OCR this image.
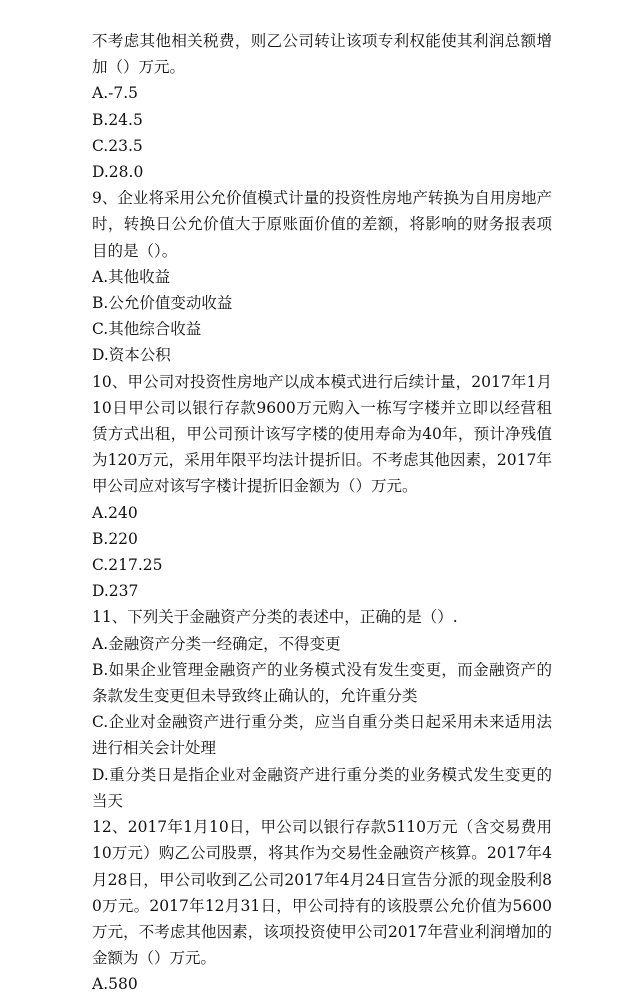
不考虑其他相关税费，则乙公司转让该项专利权能使其利润总额增加（）万元。

A.-7.5

B.24.5

C.23.5

D.28.0

9、企业将采用公允价值模式计量的投资性房地产转换为自用房地产时，转换日公允价值大于原账面价值的差额，将影响的财务报表项目的是（）。

A.其他收益

B.公允价值变动收益

C.其他综合收益

D.资本公积

10、甲公司对投资性房地产以成本模式进行后续计量，2017年1月10日甲公司以银行存款9600万元购入一栋写字楼并立即以经营租赁方式出租，甲公司预计该写字楼的使用寿命为40年，预计净残值为120万元，采用年限平均法计提折旧。不考虑其他因素，2017年甲公司应对该写字楼计提折旧金额为（）万元。

A.240

B.220

C.217.25

D.237

11、下列关于金融资产分类的表述中，正确的是（）.

A.金融资产分类一经确定，不得变更

B.如果企业管理金融资产的业务模式没有发生变更，而金融资产的条款发生变更但未导致终止确认的，允许重分类

C.企业对金融资产进行重分类，应当自重分类日起采用未来适用法进行相关会计处理

D.重分类日是指企业对金融资产进行重分类的业务模式发生变更的当天

12、2017年1月10日，甲公司以银行存款5110万元（含交易费用10万元）购乙公司股票，将其作为交易性金融资产核算。2017年4月28日，甲公司收到乙公司2017年4月24日宣告分派的现金股利80万元。2017年12月31日，甲公司持有的该股票公允价值为5600万元，不考虑其他因素，该项投资使甲公司2017年营业利润增加的金额为（）万元。

A.580
